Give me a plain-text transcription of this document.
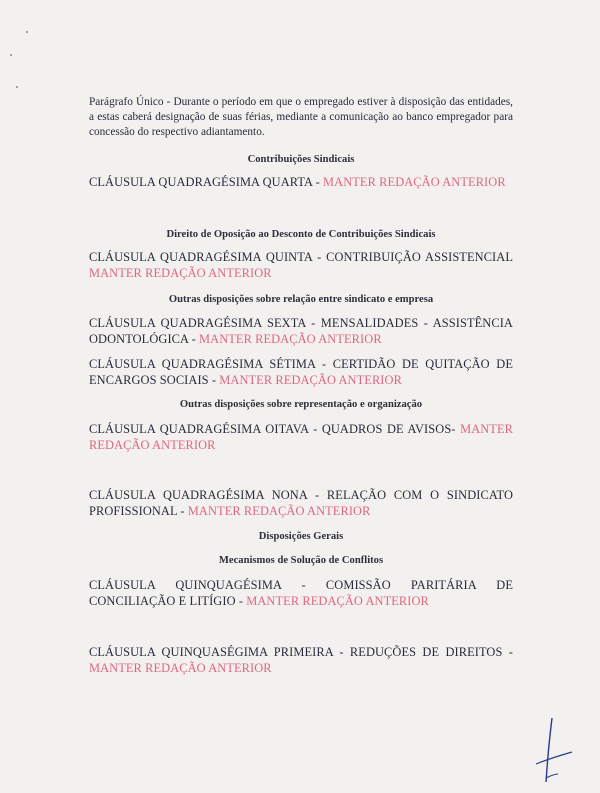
Parágrafo Único - Durante o período em que o empregado estiver à disposição das entidades, a estas caberá designação de suas férias, mediante a comunicação ao banco empregador para concessão do respectivo adiantamento.
Contribuições Sindicais
CLÁUSULA QUADRAGÉSIMA QUARTA - MANTER REDAÇÃO ANTERIOR
Direito de Oposição ao Desconto de Contribuições Sindicais
CLÁUSULA QUADRAGÉSIMA QUINTA - CONTRIBUIÇÃO ASSISTENCIAL MANTER REDAÇÃO ANTERIOR
Outras disposições sobre relação entre sindicato e empresa
CLÁUSULA QUADRAGÉSIMA SEXTA - MENSALIDADES - ASSISTÊNCIA ODONTOLÓGICA - MANTER REDAÇÃO ANTERIOR
CLÁUSULA QUADRAGÉSIMA SÉTIMA - CERTIDÃO DE QUITAÇÃO DE ENCARGOS SOCIAIS - MANTER REDAÇÃO ANTERIOR
Outras disposições sobre representação e organização
CLÁUSULA QUADRAGÉSIMA OITAVA - QUADROS DE AVISOS- MANTER REDAÇÃO ANTERIOR
CLÁUSULA QUADRAGÉSIMA NONA - RELAÇÃO COM O SINDICATO PROFISSIONAL - MANTER REDAÇÃO ANTERIOR
Disposições Gerais
Mecanismos de Solução de Conflitos
CLÁUSULA QUINQUAGÉSIMA - COMISSÃO PARITÁRIA DE CONCILIAÇÃO E LITÍGIO - MANTER REDAÇÃO ANTERIOR
CLÁUSULA QUINQUASÉGIMA PRIMEIRA - REDUÇÕES DE DIREITOS - MANTER REDAÇÃO ANTERIOR
